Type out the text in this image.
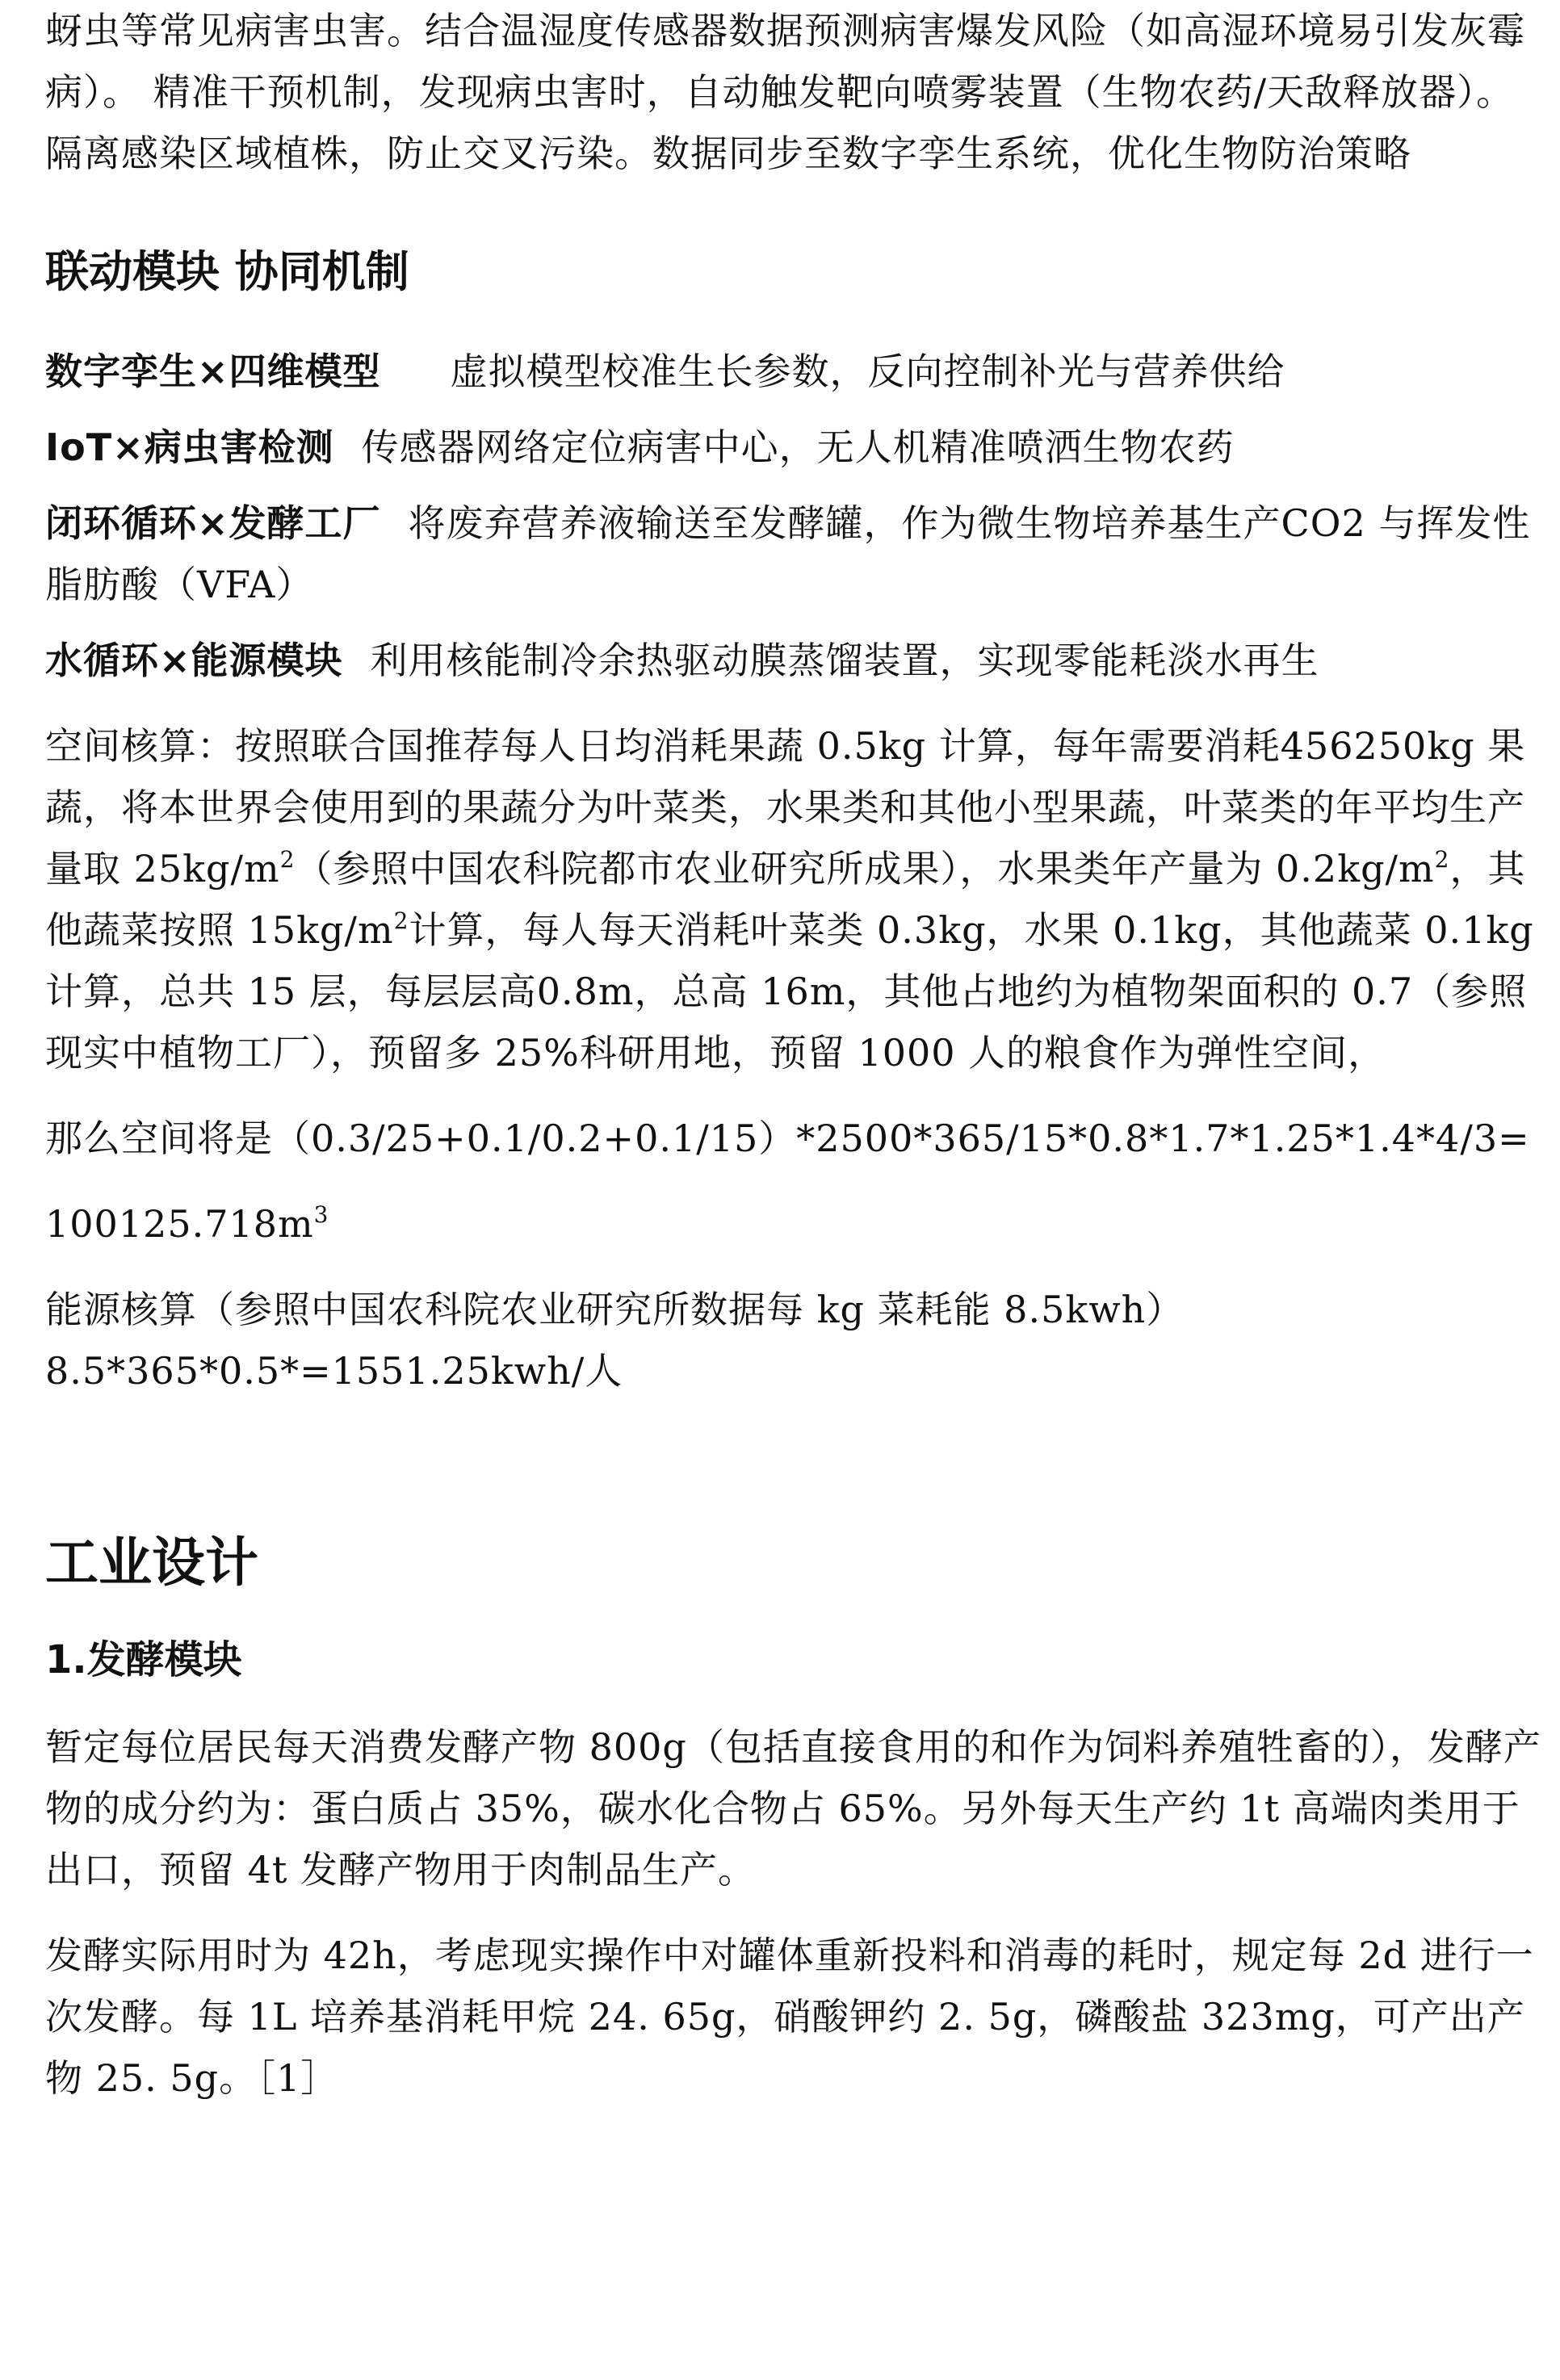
蚜虫等常见病害虫害。结合温湿度传感器数据预测病害爆发风险（如高湿环境易引发灰霉病）。 精准干预机制，发现病虫害时，自动触发靶向喷雾装置（生物农药/天敌释放器）。 隔离感染区域植株，防止交叉污染。数据同步至数字孪生系统，优化生物防治策略

联动模块 协同机制

数字孪生×四维模型 虚拟模型校准生长参数，反向控制补光与营养供给

IoT×病虫害检测 传感器网络定位病害中心，无人机精准喷洒生物农药

闭环循环×发酵工厂 将废弃营养液输送至发酵罐，作为微生物培养基生产CO2 与挥发性脂肪酸（VFA）

水循环×能源模块 利用核能制冷余热驱动膜蒸馏装置，实现零能耗淡水再生

空间核算：按照联合国推荐每人日均消耗果蔬 0.5kg 计算，每年需要消耗456250kg 果蔬，将本世界会使用到的果蔬分为叶菜类，水果类和其他小型果蔬，叶菜类的年平均生产量取 $25kg/m^2$（参照中国农科院都市农业研究所成果），水果类年产量为 $0.2kg/m^2$，其他蔬菜按照 $15kg/m^2$计算，每人每天消耗叶菜类 0.3kg，水果 0.1kg，其他蔬菜 0.1kg 计算，总共 15 层，每层层高0.8m，总高 16m，其他占地约为植物架面积的 0.7（参照现实中植物工厂），预留多 25%科研用地，预留 1000 人的粮食作为弹性空间，

那么空间将是（0.3/25+0.1/0.2+0.1/15）*2500*365/15*0.8*1.7*1.25*1.4*4/3=

$100125.718m^3$

能源核算（参照中国农科院农业研究所数据每 kg 菜耗能 8.5kwh）8.5*365*0.5*=1551.25kwh/人

工业设计
1.发酵模块

暂定每位居民每天消费发酵产物 800g（包括直接食用的和作为饲料养殖牲畜的），发酵产物的成分约为：蛋白质占 35%，碳水化合物占 65%。另外每天生产约 1t 高端肉类用于出口，预留 4t 发酵产物用于肉制品生产。

发酵实际用时为 42h，考虑现实操作中对罐体重新投料和消毒的耗时，规定每 2d 进行一次发酵。每 1L 培养基消耗甲烷 24. 65g，硝酸钾约 2. 5g，磷酸盐 323mg，可产出产物 25. 5g。［1］
